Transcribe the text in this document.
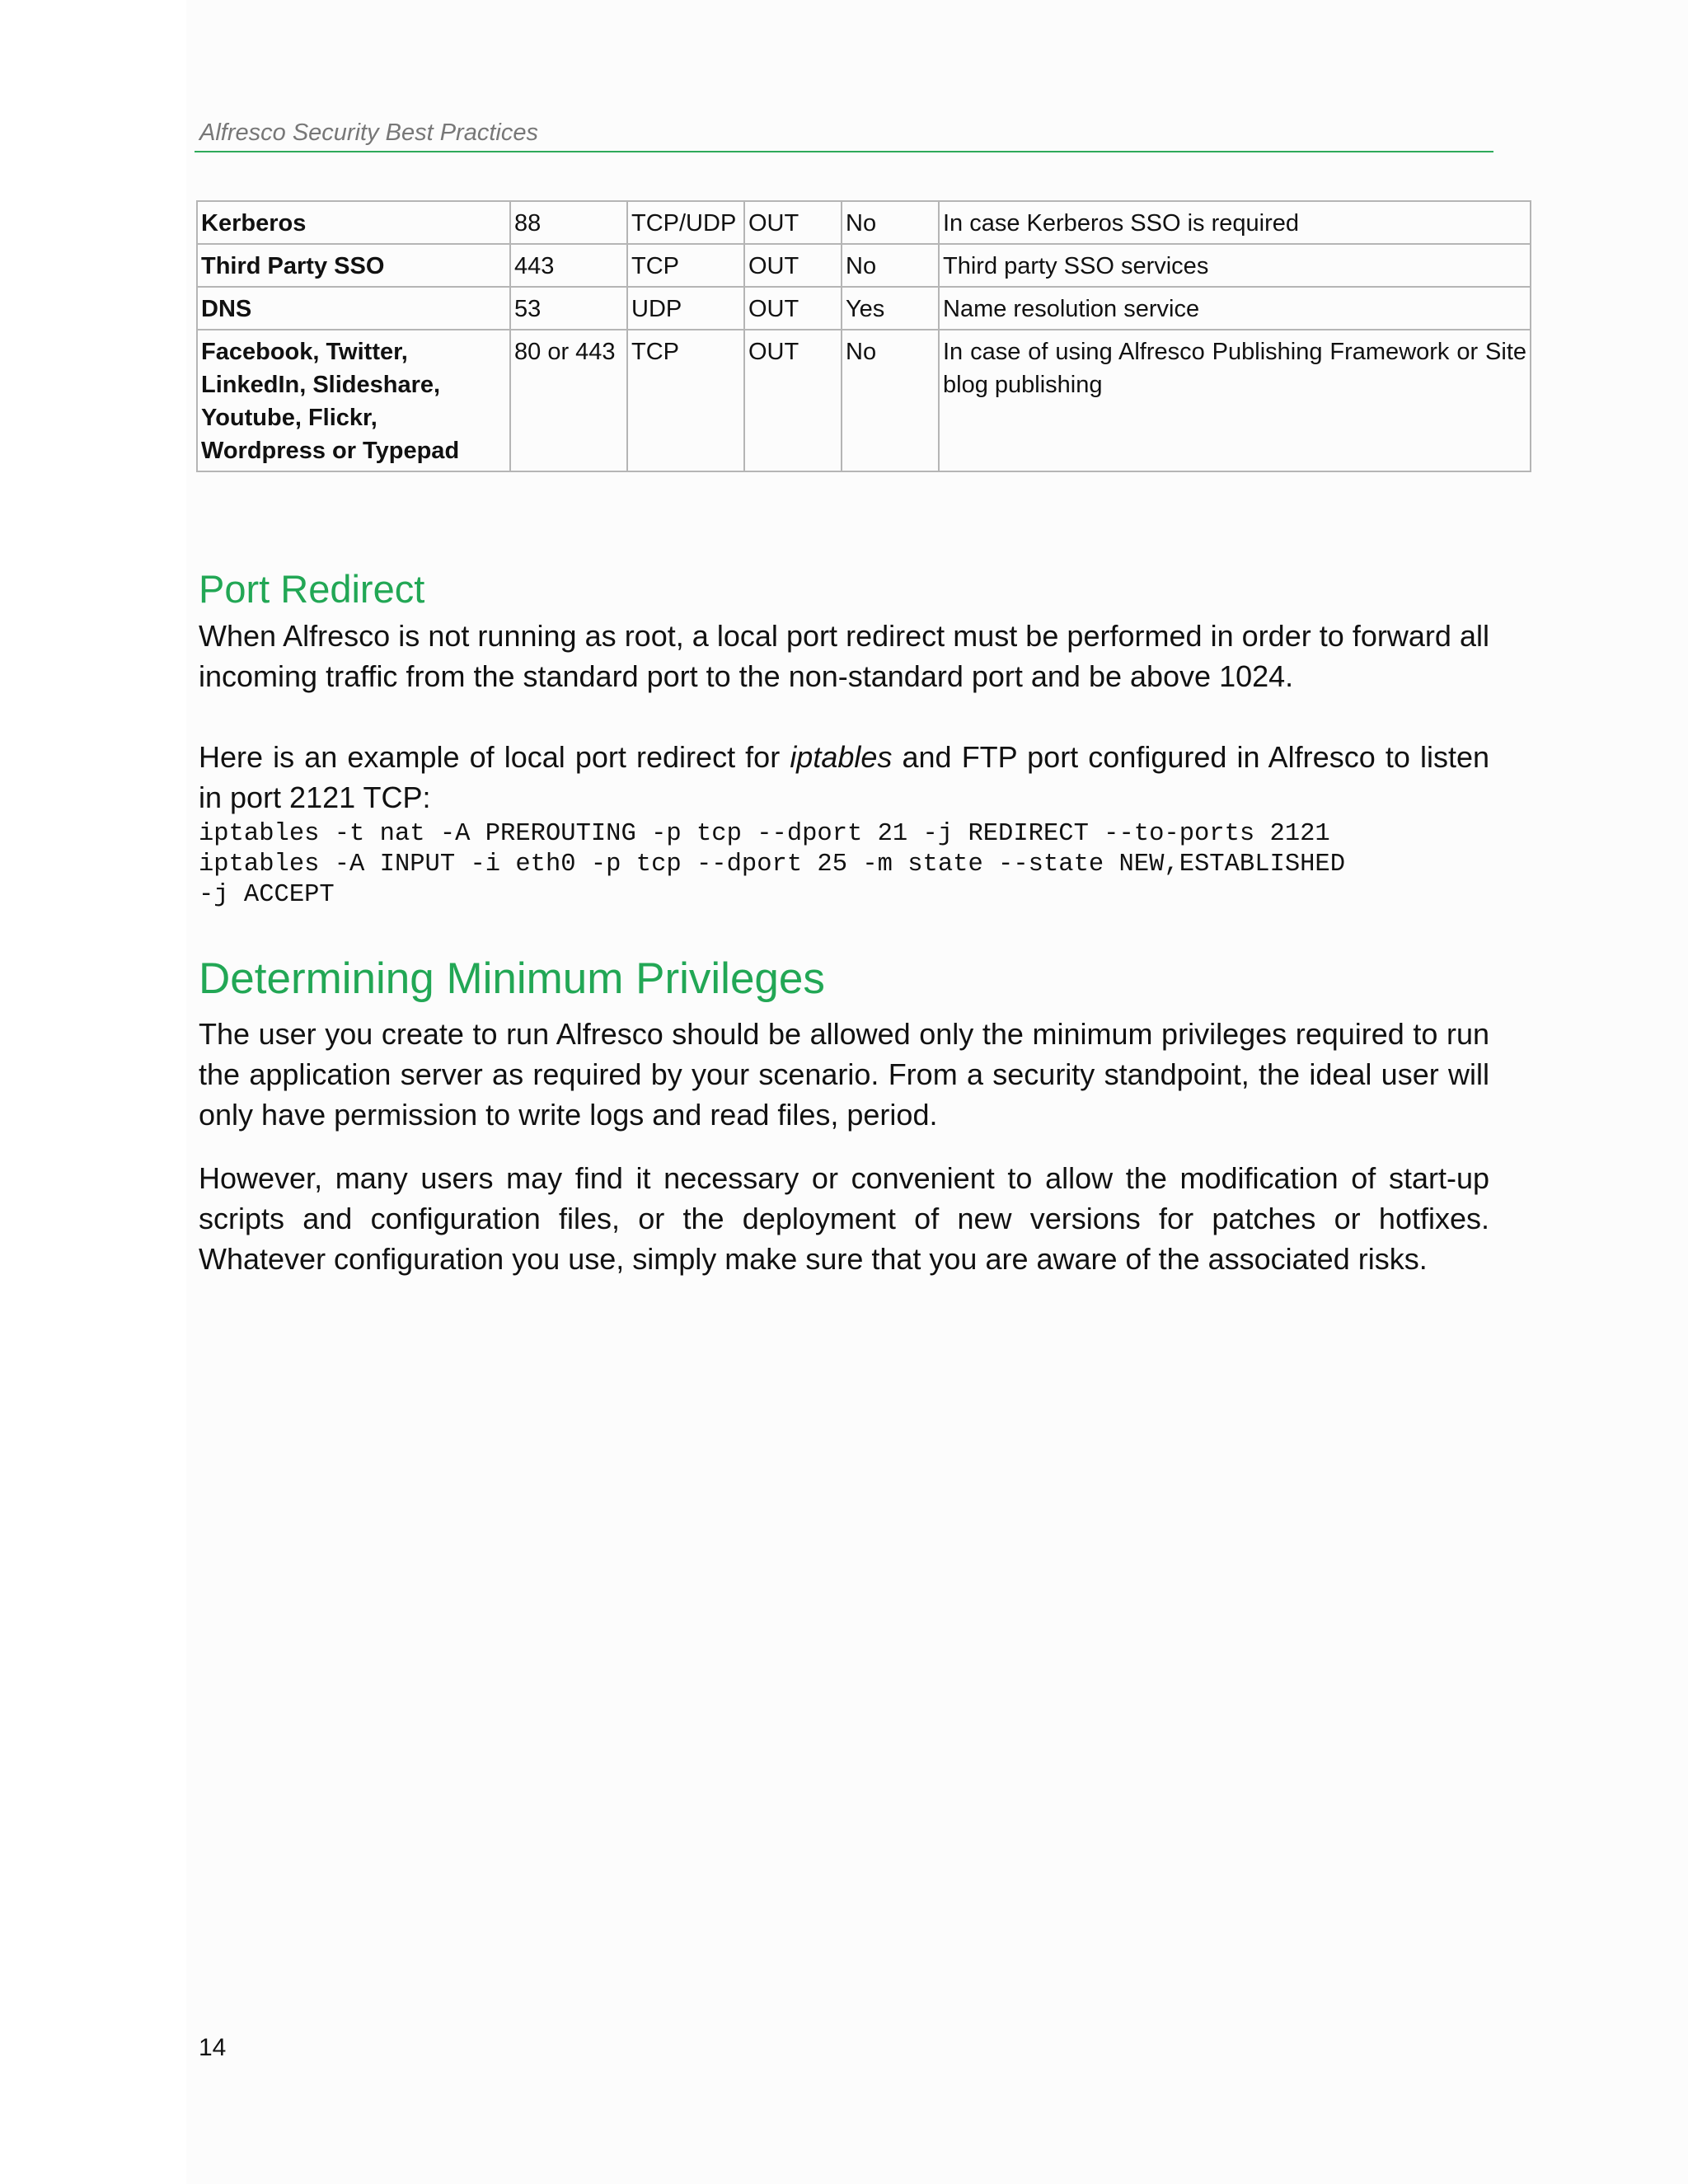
Alfresco Security Best Practices
Kerberos	88	TCP/UDP	OUT	No	In case Kerberos SSO is required
Third Party SSO	443	TCP	OUT	No	Third party SSO services
DNS	53	UDP	OUT	Yes	Name resolution service
Facebook, Twitter, LinkedIn, Slideshare, Youtube, Flickr, Wordpress or Typepad	80 or 443	TCP	OUT	No	In case of using Alfresco Publishing Framework or Site blog publishing
Port Redirect

When Alfresco is not running as root, a local port redirect must be performed in order to forward all incoming traffic from the standard port to the non-standard port and be above 1024.

Here is an example of local port redirect for iptables and FTP port configured in Alfresco to listen in port 2121 TCP:

iptables -t nat -A PREROUTING -p tcp --dport 21 -j REDIRECT --to-ports 2121
iptables -A INPUT -i eth0 -p tcp --dport 25 -m state --state NEW,ESTABLISHED
-j ACCEPT
Determining Minimum Privileges

The user you create to run Alfresco should be allowed only the minimum privileges required to run the application server as required by your scenario. From a security standpoint, the ideal user will only have permission to write logs and read files, period.

However, many users may find it necessary or convenient to allow the modification of start-up scripts and configuration files, or the deployment of new versions for patches or hotfixes. Whatever configuration you use, simply make sure that you are aware of the associated risks.

14
